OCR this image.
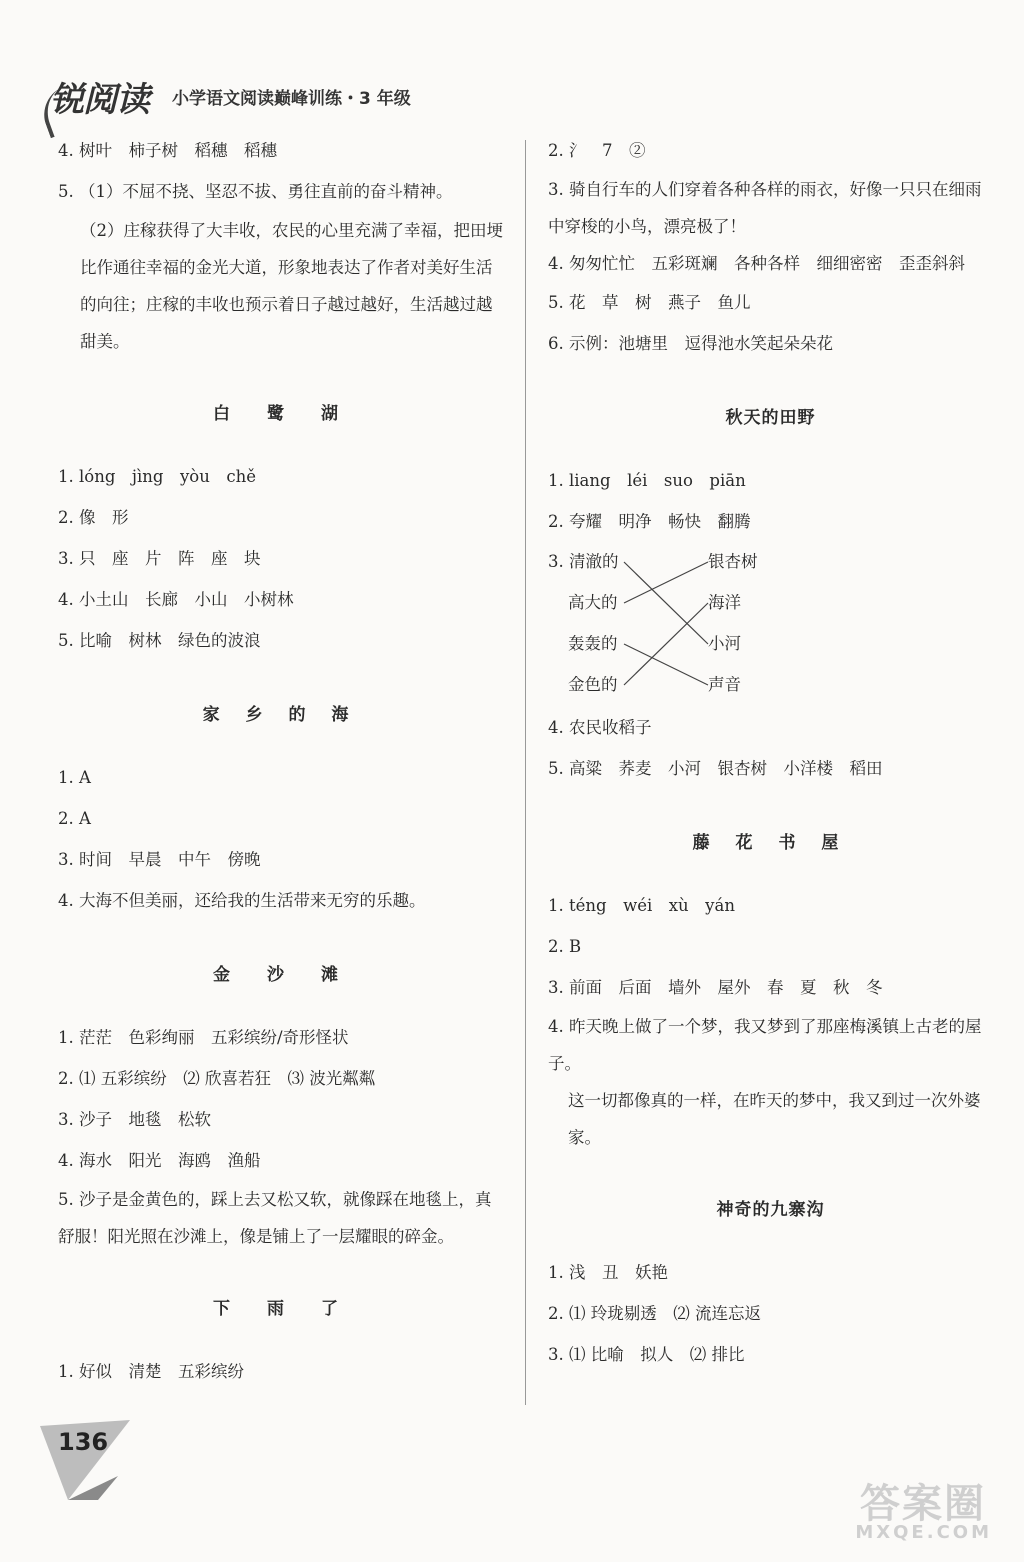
锐阅读 小学语文阅读巅峰训练・3 年级
4. 树叶　柿子树　稻穗　稻穗
5. （1）不屈不挠、坚忍不拔、勇往直前的奋斗精神。
（2）庄稼获得了大丰收，农民的心里充满了幸福，把田埂比作通往幸福的金光大道，形象地表达了作者对美好生活的向往；庄稼的丰收也预示着日子越过越好，生活越过越甜美。
白　鹭　湖
1. lóng　jìng　yòu　chě
2. 像　形
3. 只　座　片　阵　座　块
4. 小土山　长廊　小山　小树林
5. 比喻　树林　绿色的波浪
家 乡 的 海
1. A
2. A
3. 时间　早晨　中午　傍晚
4. 大海不但美丽，还给我的生活带来无穷的乐趣。
金　沙　滩
1. 茫茫　色彩绚丽　五彩缤纷/奇形怪状
2. ⑴ 五彩缤纷　⑵ 欣喜若狂　⑶ 波光粼粼
3. 沙子　地毯　松软
4. 海水　阳光　海鸥　渔船
5. 沙子是金黄色的，踩上去又松又软，就像踩在地毯上，真舒服！阳光照在沙滩上，像是铺上了一层耀眼的碎金。
下　雨　了
1. 好似　清楚　五彩缤纷
2. 氵　7　②
3. 骑自行车的人们穿着各种各样的雨衣，好像一只只在细雨中穿梭的小鸟，漂亮极了！
4. 匆匆忙忙　五彩斑斓　各种各样　细细密密　歪歪斜斜
5. 花　草　树　燕子　鱼儿
6. 示例：池塘里　逗得池水笑起朵朵花
秋天的田野
1. liang　léi　suo　piān
2. 夸耀　明净　畅快　翻腾
3. 清澈的
高大的
轰轰的
金色的
银杏树
海洋
小河
声音
4. 农民收稻子
5. 高粱　荞麦　小河　银杏树　小洋楼　稻田
藤 花 书 屋
1. téng　wéi　xù　yán
2. B
3. 前面　后面　墙外　屋外　春　夏　秋　冬
4. 昨天晚上做了一个梦，我又梦到了那座梅溪镇上古老的屋子。
这一切都像真的一样，在昨天的梦中，我又到过一次外婆家。
神奇的九寨沟
1. 浅　丑　妖艳
2. ⑴ 玲珑剔透　⑵ 流连忘返
3. ⑴ 比喻　拟人　⑵ 排比
136
答案圈
MXQE.COM
